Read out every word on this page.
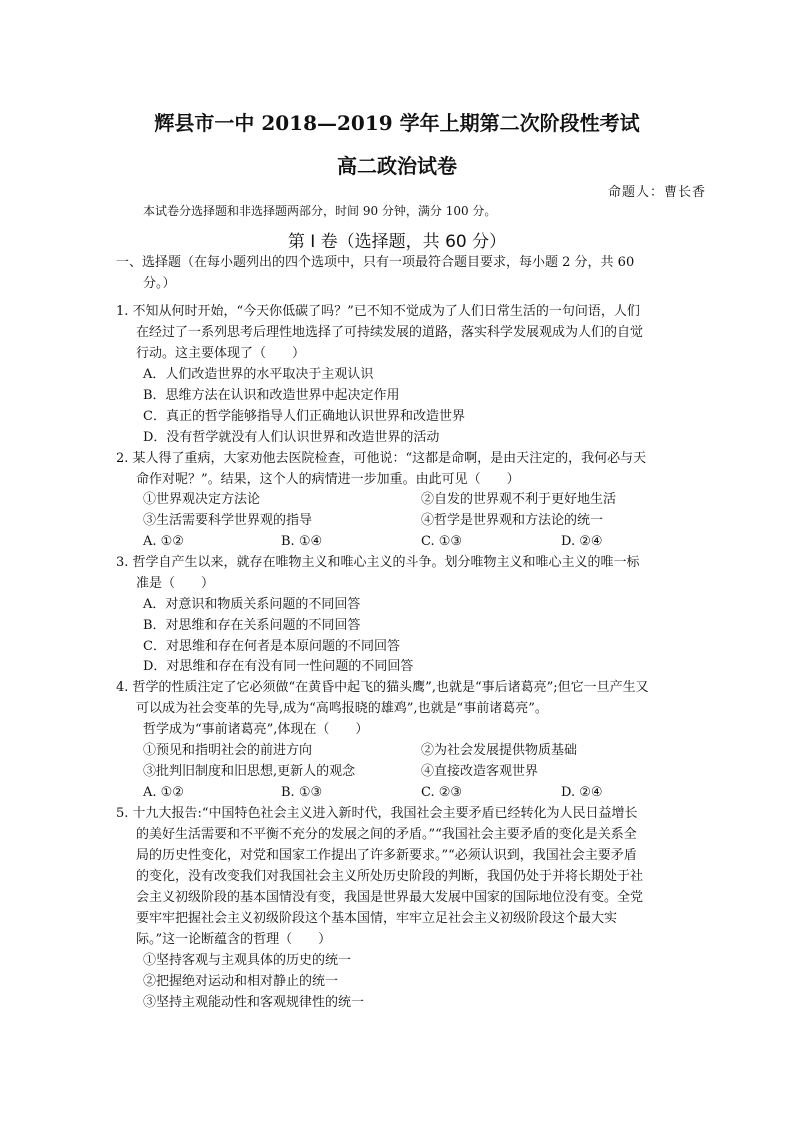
辉县市一中 2018—2019 学年上期第二次阶段性考试
高二政治试卷
命题人：曹长香
本试卷分选择题和非选择题两部分，时间 90 分钟，满分 100 分。
第 I 卷（选择题，共 60 分）
一、选择题（在每小题列出的四个选项中，只有一项最符合题目要求，每小题 2 分，共 60
分。）
1. 不知从何时开始，“今天你低碳了吗？”已不知不觉成为了人们日常生活的一句问语，人们
在经过了一系列思考后理性地选择了可持续发展的道路，落实科学发展观成为人们的自觉
行动。这主要体现了（　　）
A．人们改造世界的水平取决于主观认识
B．思维方法在认识和改造世界中起决定作用
C．真正的哲学能够指导人们正确地认识世界和改造世界
D．没有哲学就没有人们认识世界和改造世界的活动
2. 某人得了重病，大家劝他去医院检查，可他说：“这都是命啊，是由天注定的，我何必与天
命作对呢？”。结果，这个人的病情进一步加重。由此可见（　　）
①世界观决定方法论	②自发的世界观不利于更好地生活
③生活需要科学世界观的指导	④哲学是世界观和方法论的统一
A. ①②	B. ①④	C. ①③	D. ②④
3. 哲学自产生以来，就存在唯物主义和唯心主义的斗争。划分唯物主义和唯心主义的唯一标
准是（　　）
A．对意识和物质关系问题的不同回答
B．对思维和存在关系问题的不同回答
C．对思维和存在何者是本原问题的不同回答
D．对思维和存在有没有同一性问题的不同回答
4. 哲学的性质注定了它必须做“在黄昏中起飞的猫头鹰”,也就是“事后诸葛亮”;但它一旦产生又
可以成为社会变革的先导,成为“高鸣报晓的雄鸡”,也就是“事前诸葛亮”。
哲学成为“事前诸葛亮”,体现在（　　）
①预见和指明社会的前进方向	②为社会发展提供物质基础
③批判旧制度和旧思想,更新人的观念	④直接改造客观世界
A. ①②	B. ①③	C. ②③	D. ②④
5. 十九大报告:“中国特色社会主义进入新时代，我国社会主要矛盾已经转化为人民日益增长
的美好生活需要和不平衡不充分的发展之间的矛盾。”“我国社会主要矛盾的变化是关系全
局的历史性变化，对党和国家工作提出了许多新要求。”“必须认识到，我国社会主要矛盾
的变化，没有改变我们对我国社会主义所处历史阶段的判断，我国仍处于并将长期处于社
会主义初级阶段的基本国情没有变，我国是世界最大发展中国家的国际地位没有变。全党
要牢牢把握社会主义初级阶段这个基本国情，牢牢立足社会主义初级阶段这个最大实
际。”这一论断蕴含的哲理（　　）
①坚持客观与主观具体的历史的统一
②把握绝对运动和相对静止的统一
③坚持主观能动性和客观规律性的统一
